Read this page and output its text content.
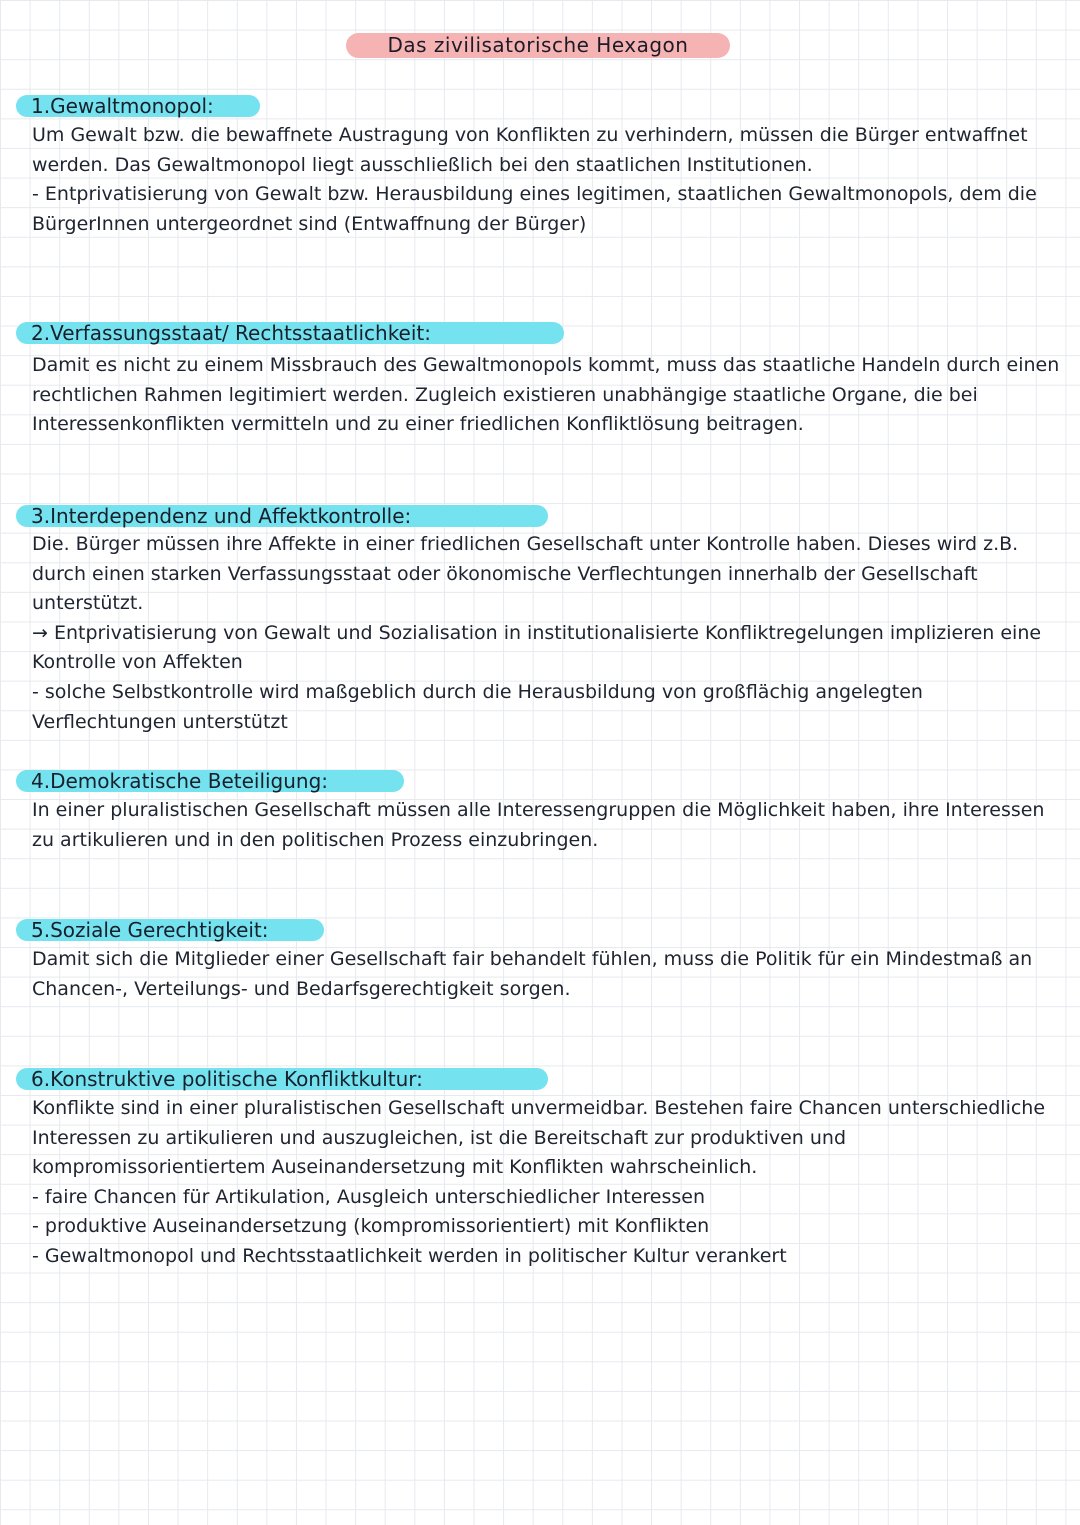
Das zivilisatorische Hexagon
1.Gewaltmonopol:

Um Gewalt bzw. die bewaffnete Austragung von Konflikten zu verhindern, müssen die Bürger entwaffnet werden. Das Gewaltmonopol liegt ausschließlich bei den staatlichen Institutionen.

- Entprivatisierung von Gewalt bzw. Herausbildung eines legitimen, staatlichen Gewaltmonopols, dem die BürgerInnen untergeordnet sind (Entwaffnung der Bürger)

2.Verfassungsstaat/ Rechtsstaatlichkeit:

Damit es nicht zu einem Missbrauch des Gewaltmonopols kommt, muss das staatliche Handeln durch einen rechtlichen Rahmen legitimiert werden. Zugleich existieren unabhängige staatliche Organe, die bei Interessenkonflikten vermitteln und zu einer friedlichen Konfliktlösung beitragen.

3.Interdependenz und Affektkontrolle:

Die. Bürger müssen ihre Affekte in einer friedlichen Gesellschaft unter Kontrolle haben. Dieses wird z.B. durch einen starken Verfassungsstaat oder ökonomische Verflechtungen innerhalb der Gesellschaft unterstützt.

→ Entprivatisierung von Gewalt und Sozialisation in institutionalisierte Konfliktregelungen implizieren eine Kontrolle von Affekten

- solche Selbstkontrolle wird maßgeblich durch die Herausbildung von großflächig angelegten Verflechtungen unterstützt

4.Demokratische Beteiligung:

In einer pluralistischen Gesellschaft müssen alle Interessengruppen die Möglichkeit haben, ihre Interessen zu artikulieren und in den politischen Prozess einzubringen.

5.Soziale Gerechtigkeit:

Damit sich die Mitglieder einer Gesellschaft fair behandelt fühlen, muss die Politik für ein Mindestmaß an Chancen-, Verteilungs- und Bedarfsgerechtigkeit sorgen.

6.Konstruktive politische Konfliktkultur:

Konflikte sind in einer pluralistischen Gesellschaft unvermeidbar. Bestehen faire Chancen unterschiedliche Interessen zu artikulieren und auszugleichen, ist die Bereitschaft zur produktiven und kompromissorientiertem Auseinandersetzung mit Konflikten wahrscheinlich.

- faire Chancen für Artikulation, Ausgleich unterschiedlicher Interessen

- produktive Auseinandersetzung (kompromissorientiert) mit Konflikten

- Gewaltmonopol und Rechtsstaatlichkeit werden in politischer Kultur verankert
